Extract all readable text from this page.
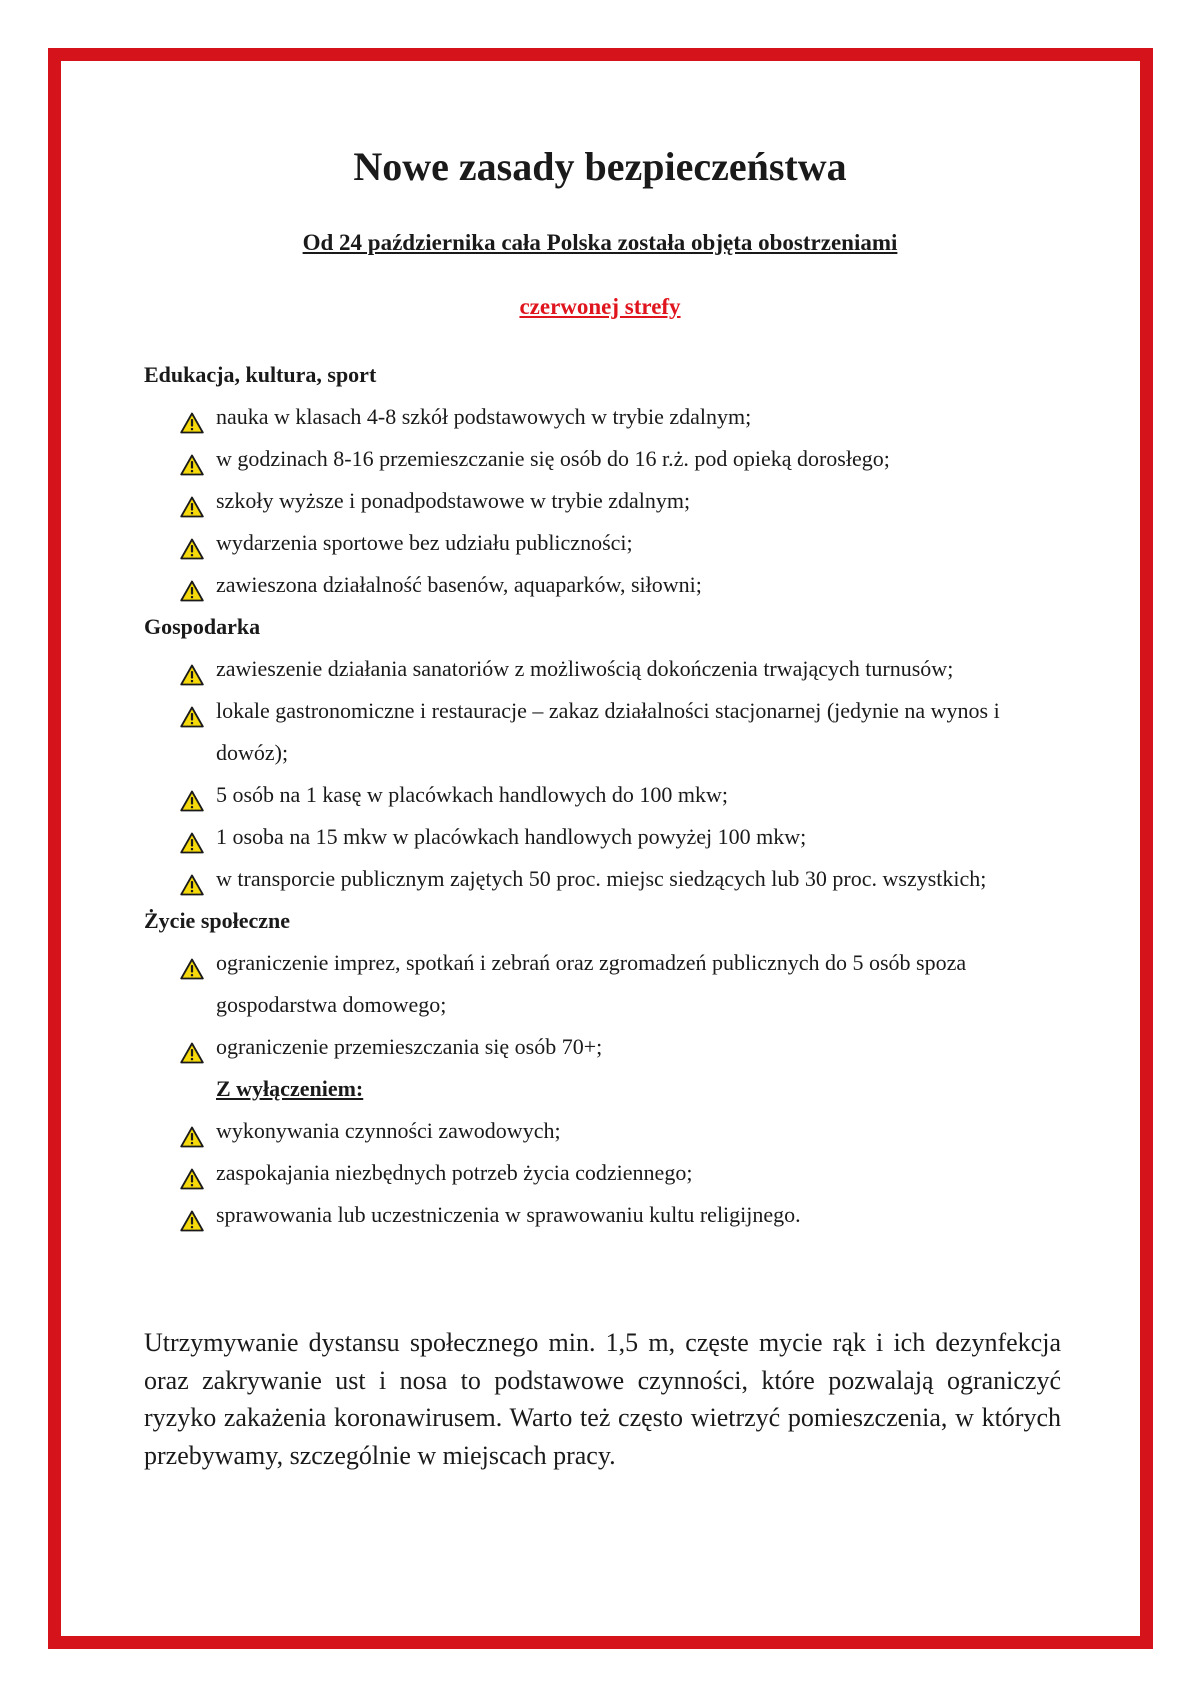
Nowe zasady bezpieczeństwa
Od 24 października cała Polska została objęta obostrzeniami
czerwonej strefy
Edukacja, kultura, sport
nauka w klasach 4-8 szkół podstawowych w trybie zdalnym;
w godzinach 8-16 przemieszczanie się osób do 16 r.ż. pod opieką dorosłego;
szkoły wyższe i ponadpodstawowe w trybie zdalnym;
wydarzenia sportowe bez udziału publiczności;
zawieszona działalność basenów, aquaparków, siłowni;
Gospodarka
zawieszenie działania sanatoriów z możliwością dokończenia trwających turnusów;
lokale gastronomiczne i restauracje – zakaz działalności stacjonarnej (jedynie na wynos i dowóz);
5 osób na 1 kasę w placówkach handlowych do 100 mkw;
1 osoba na 15 mkw w placówkach handlowych powyżej 100 mkw;
w transporcie publicznym zajętych 50 proc. miejsc siedzących lub 30 proc. wszystkich;
Życie społeczne
ograniczenie imprez, spotkań i zebrań oraz zgromadzeń publicznych do 5 osób spoza gospodarstwa domowego;
ograniczenie przemieszczania się osób 70+;
Z wyłączeniem:
wykonywania czynności zawodowych;
zaspokajania niezbędnych potrzeb życia codziennego;
sprawowania lub uczestniczenia w sprawowaniu kultu religijnego.

Utrzymywanie dystansu społecznego min. 1,5 m, częste mycie rąk i ich dezynfekcja oraz zakrywanie ust i nosa to podstawowe czynności, które pozwalają ograniczyć ryzyko zakażenia koronawirusem. Warto też często wietrzyć pomieszczenia, w których przebywamy, szczególnie w miejscach pracy.
